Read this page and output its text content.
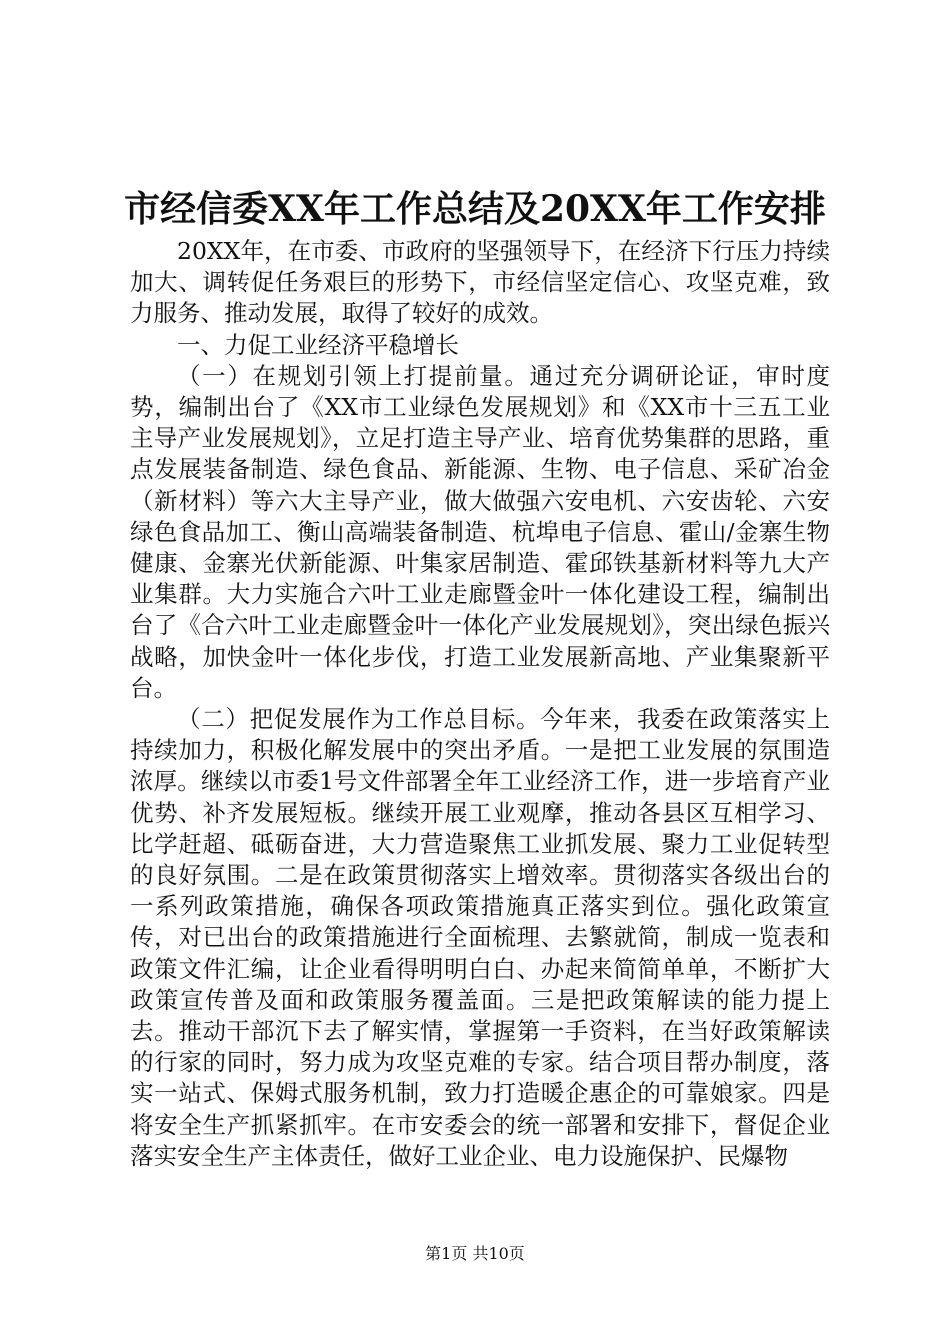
市经信委XX年工作总结及20XX年工作安排

20XX年，在市委、市政府的坚强领导下，在经济下行压力持续加大、调转促任务艰巨的形势下，市经信坚定信心、攻坚克难，致力服务、推动发展，取得了较好的成效。

一、力促工业经济平稳增长

（一）在规划引领上打提前量。通过充分调研论证，审时度势，编制出台了《XX市工业绿色发展规划》和《XX市十三五工业主导产业发展规划》，立足打造主导产业、培育优势集群的思路，重点发展装备制造、绿色食品、新能源、生物、电子信息、采矿冶金（新材料）等六大主导产业，做大做强六安电机、六安齿轮、六安绿色食品加工、衡山高端装备制造、杭埠电子信息、霍山/金寨生物健康、金寨光伏新能源、叶集家居制造、霍邱铁基新材料等九大产业集群。大力实施合六叶工业走廊暨金叶一体化建设工程，编制出台了《合六叶工业走廊暨金叶一体化产业发展规划》，突出绿色振兴战略，加快金叶一体化步伐，打造工业发展新高地、产业集聚新平台。

（二）把促发展作为工作总目标。今年来，我委在政策落实上持续加力，积极化解发展中的突出矛盾。一是把工业发展的氛围造浓厚。继续以市委1号文件部署全年工业经济工作，进一步培育产业优势、补齐发展短板。继续开展工业观摩，推动各县区互相学习、比学赶超、砥砺奋进，大力营造聚焦工业抓发展、聚力工业促转型的良好氛围。二是在政策贯彻落实上增效率。贯彻落实各级出台的一系列政策措施，确保各项政策措施真正落实到位。强化政策宣传，对已出台的政策措施进行全面梳理、去繁就简，制成一览表和政策文件汇编，让企业看得明明白白、办起来简简单单，不断扩大政策宣传普及面和政策服务覆盖面。三是把政策解读的能力提上去。推动干部沉下去了解实情，掌握第一手资料，在当好政策解读的行家的同时，努力成为攻坚克难的专家。结合项目帮办制度，落实一站式、保姆式服务机制，致力打造暖企惠企的可靠娘家。四是将安全生产抓紧抓牢。在市安委会的统一部署和安排下，督促企业落实安全生产主体责任，做好工业企业、电力设施保护、民爆物

第1页 共10页
